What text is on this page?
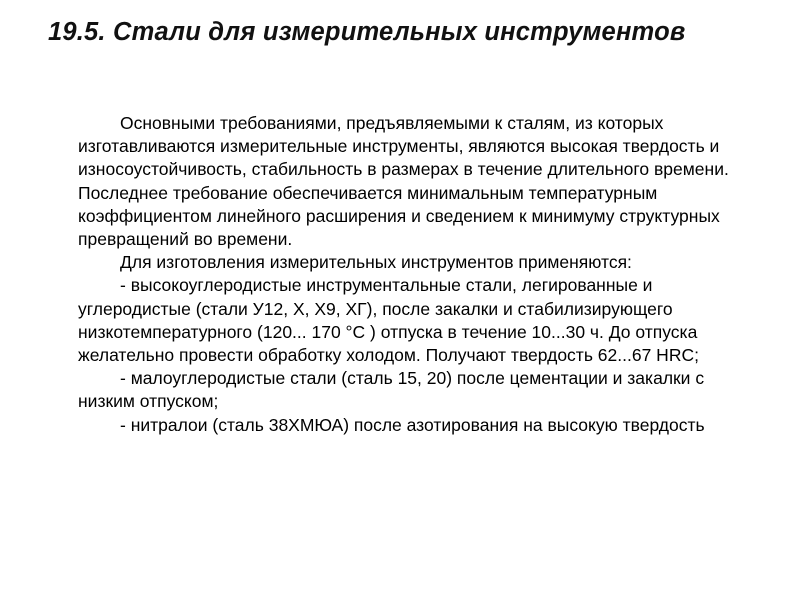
19.5. Стали для измерительных инструментов

Основными требованиями, предъявляемыми к сталям, из которых изготавливаются измерительные инструменты, являются высокая твердость и износоустойчивость, стабильность в размерах в течение длительного времени. Последнее требование обеспечивается минимальным температурным коэффициентом линейного расширения и сведением к минимуму структурных превращений во времени.

Для изготовления измерительных инструментов применяются:

- высокоуглеродистые инструментальные стали, легированные и углеродистые (стали У12, X, X9, ХГ), после закалки и стабилизирующего низкотемпературного (120... 170 °С ) отпуска в течение 10...30 ч. До отпуска желательно провести обработку холодом. Получают твердость 62...67 HRC;

- малоуглеродистые стали (сталь 15, 20) после цементации и закалки с низким отпуском;

- нитралои (сталь 38ХМЮА) после азотирования на высокую твердость
